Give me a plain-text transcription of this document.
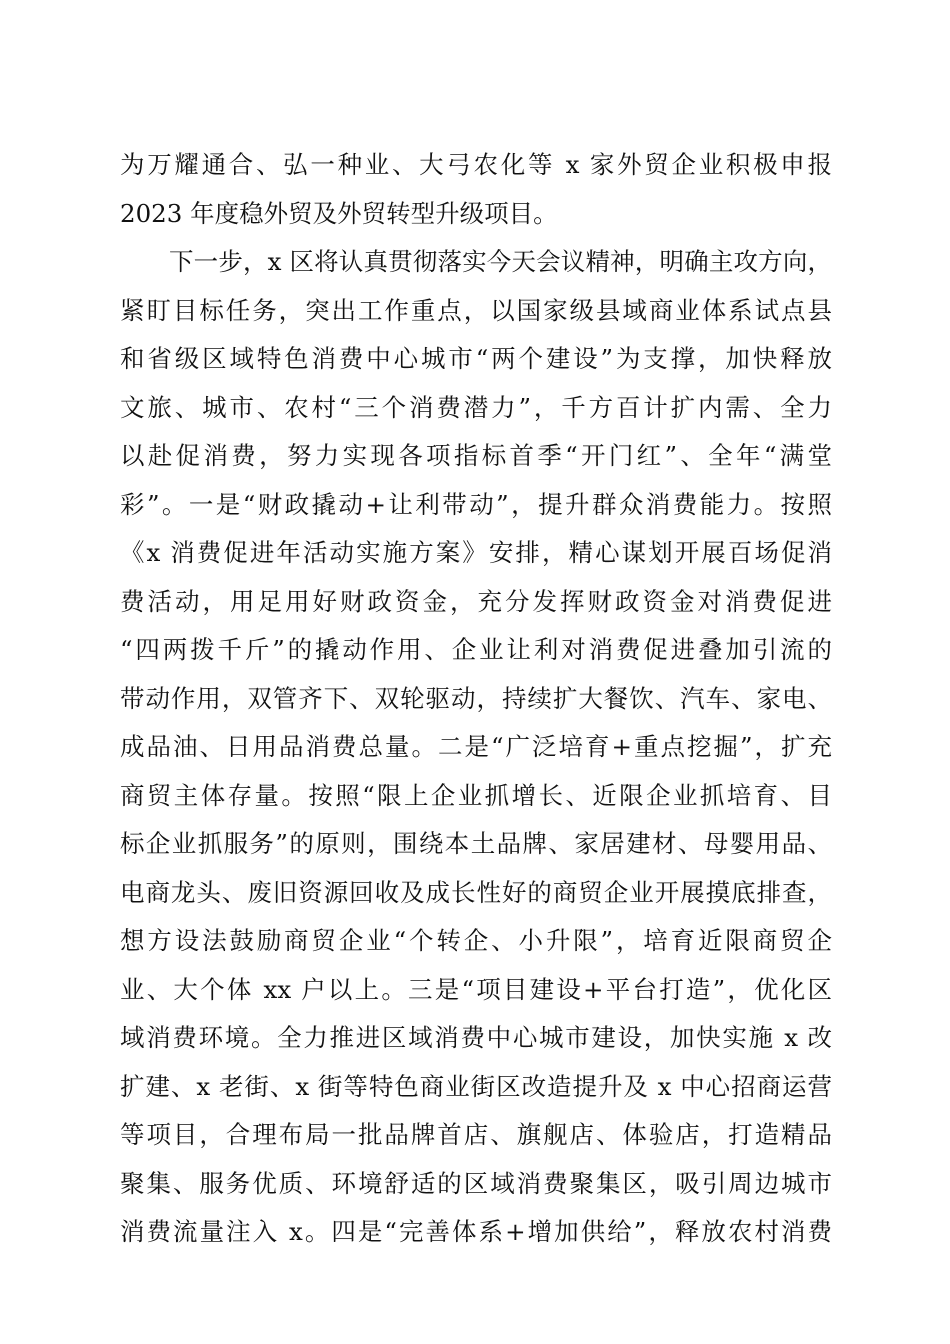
为万耀通合、弘一种业、大弓农化等 x 家外贸企业积极申报
2023 年度稳外贸及外贸转型升级项目。
下一步，x 区将认真贯彻落实今天会议精神，明确主攻方向，
紧盯目标任务，突出工作重点，以国家级县域商业体系试点县
和省级区域特色消费中心城市“两个建设”为支撑，加快释放
文旅、城市、农村“三个消费潜力”，千方百计扩内需、全力
以赴促消费，努力实现各项指标首季“开门红”、全年“满堂
彩”。一是“财政撬动+让利带动”，提升群众消费能力。按照
《x 消费促进年活动实施方案》安排，精心谋划开展百场促消
费活动，用足用好财政资金，充分发挥财政资金对消费促进
“四两拨千斤”的撬动作用、企业让利对消费促进叠加引流的
带动作用，双管齐下、双轮驱动，持续扩大餐饮、汽车、家电、
成品油、日用品消费总量。二是“广泛培育+重点挖掘”，扩充
商贸主体存量。按照“限上企业抓增长、近限企业抓培育、目
标企业抓服务”的原则，围绕本土品牌、家居建材、母婴用品、
电商龙头、废旧资源回收及成长性好的商贸企业开展摸底排查，
想方设法鼓励商贸企业“个转企、小升限”，培育近限商贸企
业、大个体 xx 户以上。三是“项目建设+平台打造”，优化区
域消费环境。全力推进区域消费中心城市建设，加快实施 x 改
扩建、x 老街、x 街等特色商业街区改造提升及 x 中心招商运营
等项目，合理布局一批品牌首店、旗舰店、体验店，打造精品
聚集、服务优质、环境舒适的区域消费聚集区，吸引周边城市
消费流量注入 x。四是“完善体系+增加供给”，释放农村消费
